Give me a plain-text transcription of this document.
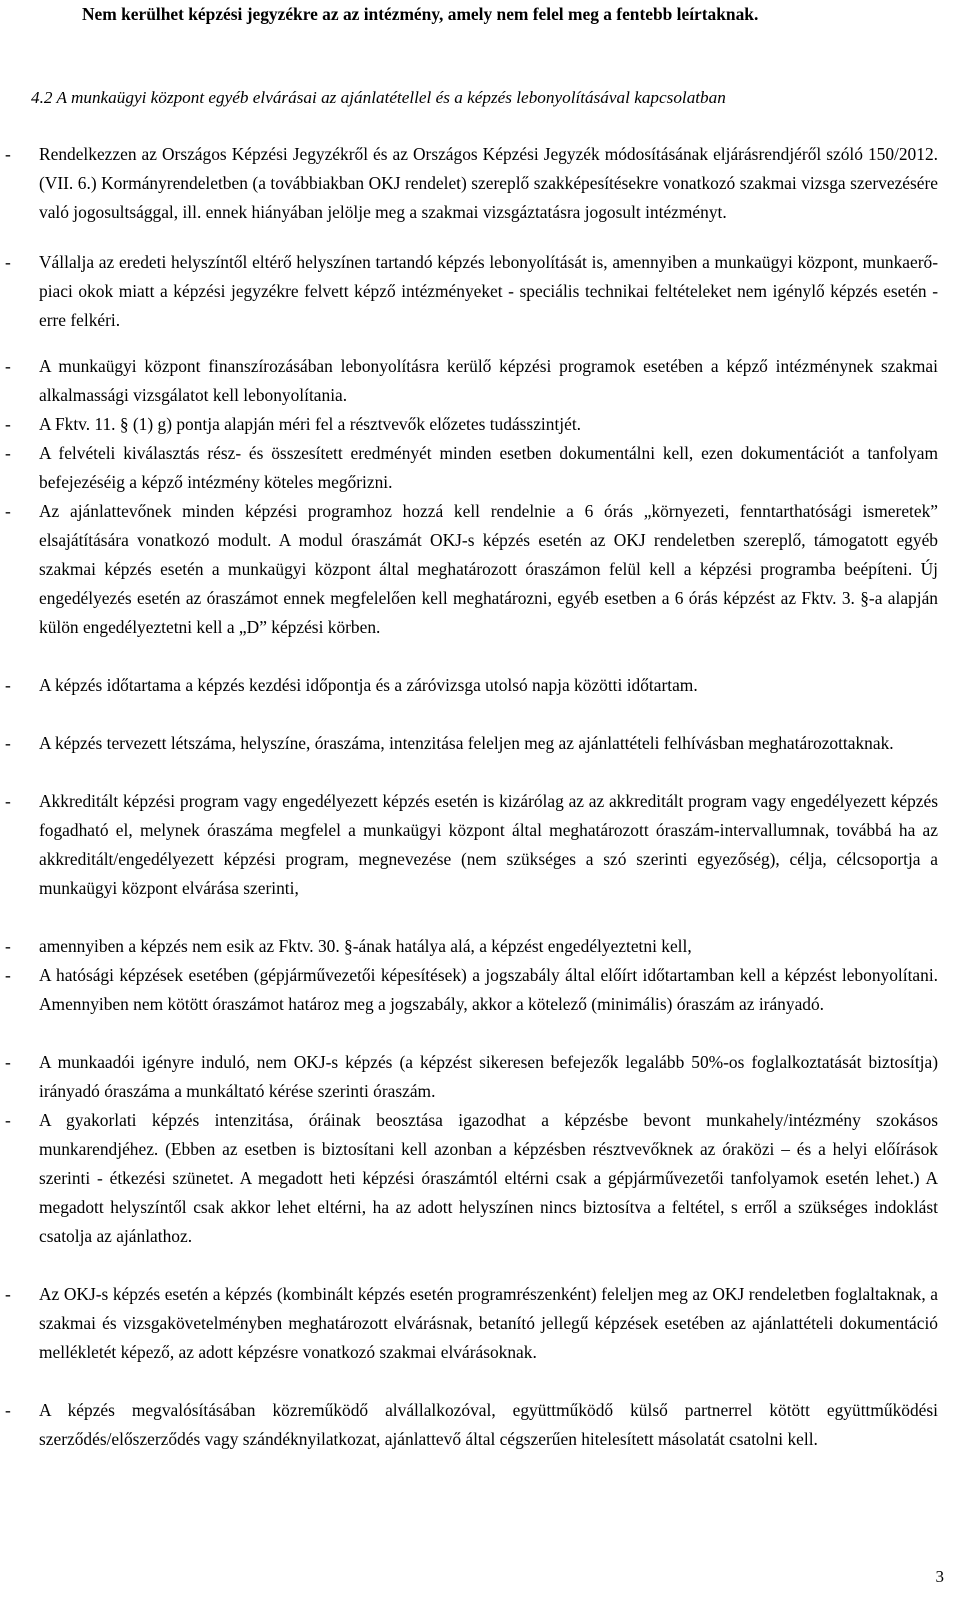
Nem kerülhet képzési jegyzékre az az intézmény, amely nem felel meg a fentebb leírtaknak.

4.2 A munkaügyi központ egyéb elvárásai az ajánlatétellel és a képzés lebonyolításával kapcsolatban

- Rendelkezzen az Országos Képzési Jegyzékről és az Országos Képzési Jegyzék módosításának eljárásrendjéről szóló 150/2012. (VII. 6.) Kormányrendeletben (a továbbiakban OKJ rendelet) szereplő szakképesítésekre vonatkozó szakmai vizsga szervezésére való jogosultsággal, ill. ennek hiányában jelölje meg a szakmai vizsgáztatásra jogosult intézményt.
- Vállalja az eredeti helyszíntől eltérő helyszínen tartandó képzés lebonyolítását is, amennyiben a munkaügyi központ, munkaerő-piaci okok miatt a képzési jegyzékre felvett képző intézményeket - speciális technikai feltételeket nem igénylő képzés esetén - erre felkéri.
- A munkaügyi központ finanszírozásában lebonyolításra kerülő képzési programok esetében a képző intézménynek szakmai alkalmassági vizsgálatot kell lebonyolítania.
- A Fktv. 11. § (1) g) pontja alapján méri fel a résztvevők előzetes tudásszintjét.
- A felvételi kiválasztás rész- és összesített eredményét minden esetben dokumentálni kell, ezen dokumentációt a tanfolyam befejezéséig a képző intézmény köteles megőrizni.
- Az ajánlattevőnek minden képzési programhoz hozzá kell rendelnie a 6 órás „környezeti, fenntarthatósági ismeretek” elsajátítására vonatkozó modult. A modul óraszámát OKJ-s képzés esetén az OKJ rendeletben szereplő, támogatott egyéb szakmai képzés esetén a munkaügyi központ által meghatározott óraszámon felül kell a képzési programba beépíteni. Új engedélyezés esetén az óraszámot ennek megfelelően kell meghatározni, egyéb esetben a 6 órás képzést az Fktv. 3. §-a alapján külön engedélyeztetni kell a „D” képzési körben.
- A képzés időtartama a képzés kezdési időpontja és a záróvizsga utolsó napja közötti időtartam.
- A képzés tervezett létszáma, helyszíne, óraszáma, intenzitása feleljen meg az ajánlattételi felhívásban meghatározottaknak.
- Akkreditált képzési program vagy engedélyezett képzés esetén is kizárólag az az akkreditált program vagy engedélyezett képzés fogadható el, melynek óraszáma megfelel a munkaügyi központ által meghatározott óraszám-intervallumnak, továbbá ha az akkreditált/engedélyezett képzési program, megnevezése (nem szükséges a szó szerinti egyezőség), célja, célcsoportja a munkaügyi központ elvárása szerinti,
- amennyiben a képzés nem esik az Fktv. 30. §-ának hatálya alá, a képzést engedélyeztetni kell,
- A hatósági képzések esetében (gépjárművezetői képesítések) a jogszabály által előírt időtartamban kell a képzést lebonyolítani. Amennyiben nem kötött óraszámot határoz meg a jogszabály, akkor a kötelező (minimális) óraszám az irányadó.
- A munkaadói igényre induló, nem OKJ-s képzés (a képzést sikeresen befejezők legalább 50%-os foglalkoztatását biztosítja) irányadó óraszáma a munkáltató kérése szerinti óraszám.
- A gyakorlati képzés intenzitása, óráinak beosztása igazodhat a képzésbe bevont munkahely/intézmény szokásos munkarendjéhez. (Ebben az esetben is biztosítani kell azonban a képzésben résztvevőknek az óraközi – és a helyi előírások szerinti - étkezési szünetet. A megadott heti képzési óraszámtól eltérni csak a gépjárművezetői tanfolyamok esetén lehet.) A megadott helyszíntől csak akkor lehet eltérni, ha az adott helyszínen nincs biztosítva a feltétel, s erről a szükséges indoklást csatolja az ajánlathoz.
- Az OKJ-s képzés esetén a képzés (kombinált képzés esetén programrészenként) feleljen meg az OKJ rendeletben foglaltaknak, a szakmai és vizsgakövetelményben meghatározott elvárásnak, betanító jellegű képzések esetében az ajánlattételi dokumentáció mellékletét képező, az adott képzésre vonatkozó szakmai elvárásoknak.
- A képzés megvalósításában közreműködő alvállalkozóval, együttműködő külső partnerrel kötött együttműködési szerződés/előszerződés vagy szándéknyilatkozat, ajánlattevő által cégszerűen hitelesített másolatát csatolni kell.
3
